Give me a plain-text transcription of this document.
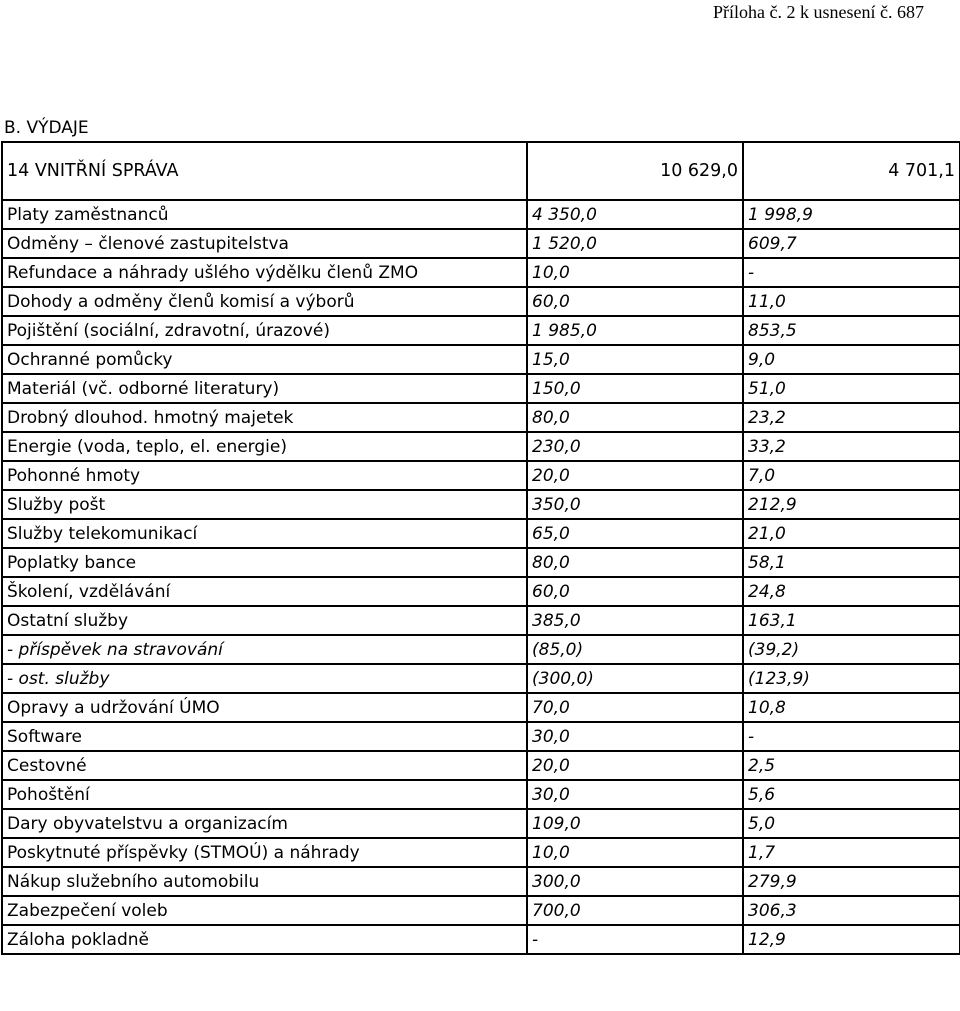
Příloha č. 2 k usnesení č. 687
B. VÝDAJE
14 VNITŘNÍ SPRÁVA	10 629,0	4 701,1
Platy zaměstnanců	4 350,0	1 998,9
Odměny – členové zastupitelstva	1 520,0	609,7
Refundace a náhrady ušlého výdělku členů ZMO	10,0	-
Dohody a odměny členů komisí a výborů	60,0	11,0
Pojištění (sociální, zdravotní, úrazové)	1 985,0	853,5
Ochranné pomůcky	15,0	9,0
Materiál (vč. odborné literatury)	150,0	51,0
Drobný dlouhod. hmotný majetek	80,0	23,2
Energie (voda, teplo, el. energie)	230,0	33,2
Pohonné hmoty	20,0	7,0
Služby pošt	350,0	212,9
Služby telekomunikací	65,0	21,0
Poplatky bance	80,0	58,1
Školení, vzdělávání	60,0	24,8
Ostatní služby	385,0	163,1
- příspěvek na stravování	(85,0)	(39,2)
- ost. služby	(300,0)	(123,9)
Opravy a udržování ÚMO	70,0	10,8
Software	30,0	-
Cestovné	20,0	2,5
Pohoštění	30,0	5,6
Dary obyvatelstvu a organizacím	109,0	5,0
Poskytnuté příspěvky (STMOÚ) a náhrady	10,0	1,7
Nákup služebního automobilu	300,0	279,9
Zabezpečení voleb	700,0	306,3
Záloha pokladně	-	12,9
